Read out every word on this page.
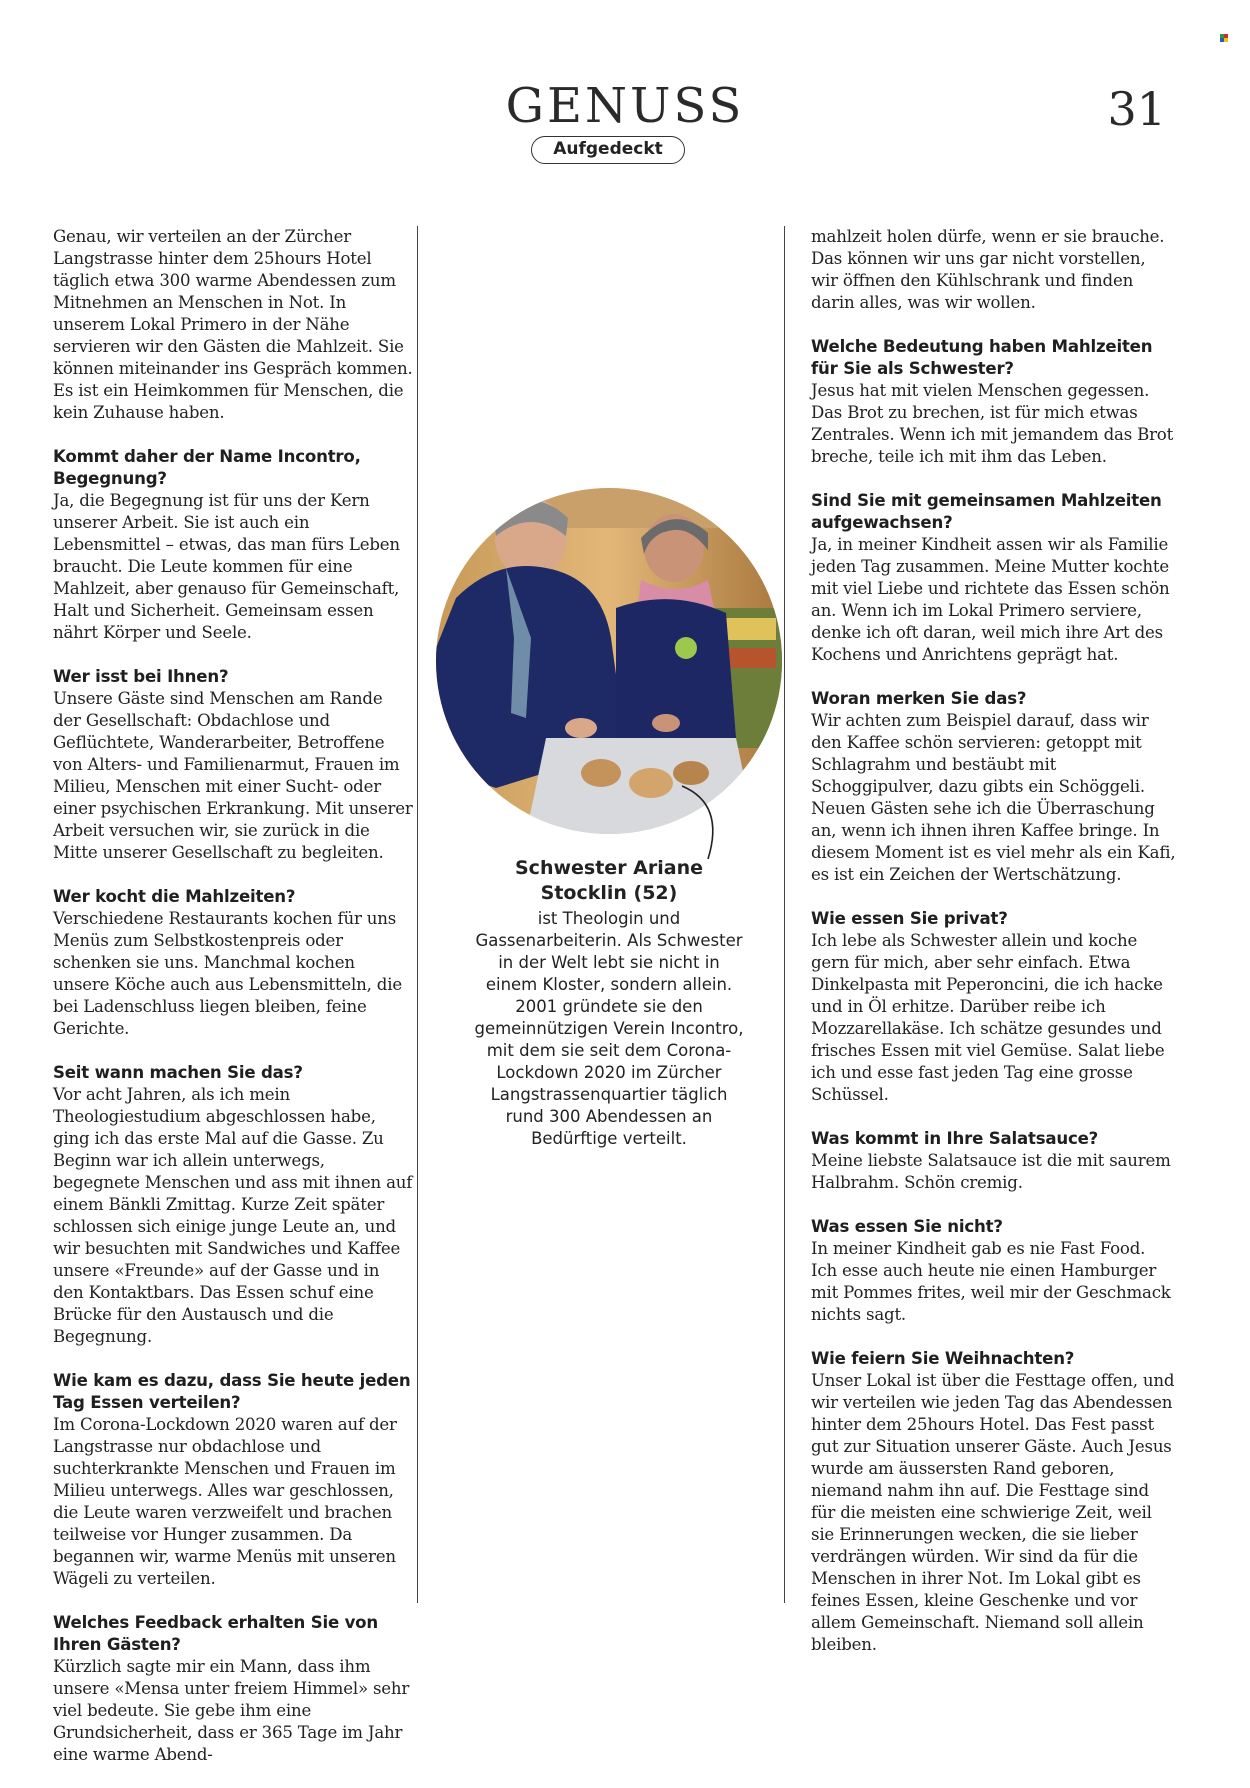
GENUSS	31
Aufgedeckt

Genau, wir verteilen an der Zürcher Langstrasse hinter dem 25hours Hotel täglich etwa 300 warme Abendessen zum Mitnehmen an Menschen in Not. In unserem Lokal Primero in der Nähe servieren wir den Gästen die Mahlzeit. Sie können miteinander ins Gespräch kommen. Es ist ein Heimkommen für Menschen, die kein Zuhause haben.

Kommt daher der Name Incontro, Begegnung?

Ja, die Begegnung ist für uns der Kern unserer Arbeit. Sie ist auch ein Lebensmittel – etwas, das man fürs Leben braucht. Die Leute kommen für eine Mahlzeit, aber genauso für Gemeinschaft, Halt und Sicherheit. Gemeinsam essen nährt Körper und Seele.

Wer isst bei Ihnen?

Unsere Gäste sind Menschen am Rande der Gesellschaft: Obdachlose und Geflüchtete, Wanderarbeiter, Betroffene von Alters- und Familienarmut, Frauen im Milieu, Menschen mit einer Sucht- oder einer psychischen Erkrankung. Mit unserer Arbeit versuchen wir, sie zurück in die Mitte unserer Gesellschaft zu begleiten.

Wer kocht die Mahlzeiten?

Verschiedene Restaurants kochen für uns Menüs zum Selbstkostenpreis oder schenken sie uns. Manchmal kochen unsere Köche auch aus Lebensmitteln, die bei Ladenschluss liegen bleiben, feine Gerichte.

Seit wann machen Sie das?

Vor acht Jahren, als ich mein Theologiestudium abgeschlossen habe, ging ich das erste Mal auf die Gasse. Zu Beginn war ich allein unterwegs, begegnete Menschen und ass mit ihnen auf einem Bänkli Zmittag. Kurze Zeit später schlossen sich einige junge Leute an, und wir besuchten mit Sandwiches und Kaffee unsere «Freunde» auf der Gasse und in den Kontaktbars. Das Essen schuf eine Brücke für den Austausch und die Begegnung.

Wie kam es dazu, dass Sie heute jeden Tag Essen verteilen?

Im Corona-Lockdown 2020 waren auf der Langstrasse nur obdachlose und suchterkrankte Menschen und Frauen im Milieu unterwegs. Alles war geschlossen, die Leute waren verzweifelt und brachen teilweise vor Hunger zusammen. Da begannen wir, warme Menüs mit unseren Wägeli zu verteilen.

Welches Feedback erhalten Sie von Ihren Gästen?

Kürzlich sagte mir ein Mann, dass ihm unsere «Mensa unter freiem Himmel» sehr viel bedeute. Sie gebe ihm eine Grundsicherheit, dass er 365 Tage im Jahr eine warme Abend-

Schwester Ariane Stocklin (52)

ist Theologin und Gassenarbeiterin. Als Schwester in der Welt lebt sie nicht in einem Kloster, sondern allein. 2001 gründete sie den gemeinnützigen Verein Incontro, mit dem sie seit dem Corona-Lockdown 2020 im Zürcher Langstrassenquartier täglich rund 300 Abendessen an Bedürftige verteilt.

mahlzeit holen dürfe, wenn er sie brauche. Das können wir uns gar nicht vorstellen, wir öffnen den Kühlschrank und finden darin alles, was wir wollen.

Welche Bedeutung haben Mahlzeiten für Sie als Schwester?

Jesus hat mit vielen Menschen gegessen. Das Brot zu brechen, ist für mich etwas Zentrales. Wenn ich mit jemandem das Brot breche, teile ich mit ihm das Leben.

Sind Sie mit gemeinsamen Mahlzeiten aufgewachsen?

Ja, in meiner Kindheit assen wir als Familie jeden Tag zusammen. Meine Mutter kochte mit viel Liebe und richtete das Essen schön an. Wenn ich im Lokal Primero serviere, denke ich oft daran, weil mich ihre Art des Kochens und Anrichtens geprägt hat.

Woran merken Sie das?

Wir achten zum Beispiel darauf, dass wir den Kaffee schön servieren: getoppt mit Schlagrahm und bestäubt mit Schoggipulver, dazu gibts ein Schöggeli. Neuen Gästen sehe ich die Überraschung an, wenn ich ihnen ihren Kaffee bringe. In diesem Moment ist es viel mehr als ein Kafi, es ist ein Zeichen der Wertschätzung.

Wie essen Sie privat?

Ich lebe als Schwester allein und koche gern für mich, aber sehr einfach. Etwa Dinkelpasta mit Peperoncini, die ich hacke und in Öl erhitze. Darüber reibe ich Mozzarellakäse. Ich schätze gesundes und frisches Essen mit viel Gemüse. Salat liebe ich und esse fast jeden Tag eine grosse Schüssel.

Was kommt in Ihre Salatsauce?

Meine liebste Salatsauce ist die mit saurem Halbrahm. Schön cremig.

Was essen Sie nicht?

In meiner Kindheit gab es nie Fast Food. Ich esse auch heute nie einen Hamburger mit Pommes frites, weil mir der Geschmack nichts sagt.

Wie feiern Sie Weihnachten?

Unser Lokal ist über die Festtage offen, und wir verteilen wie jeden Tag das Abendessen hinter dem 25hours Hotel. Das Fest passt gut zur Situation unserer Gäste. Auch Jesus wurde am äussersten Rand geboren, niemand nahm ihn auf. Die Festtage sind für die meisten eine schwierige Zeit, weil sie Erinnerungen wecken, die sie lieber verdrängen würden. Wir sind da für die Menschen in ihrer Not. Im Lokal gibt es feines Essen, kleine Geschenke und vor allem Gemeinschaft. Niemand soll allein bleiben.
